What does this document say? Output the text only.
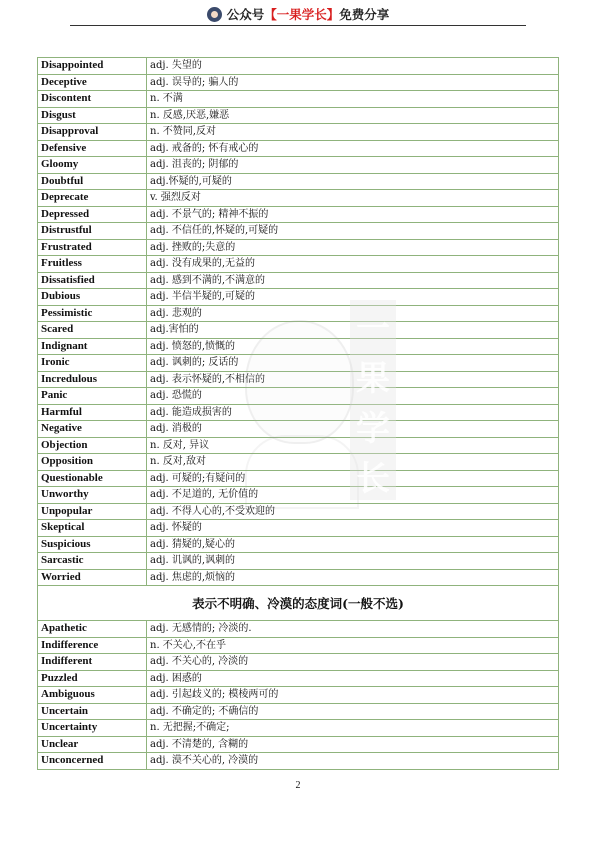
公众号 【 一果学长 】 免费分享
Disappointed	adj. 失望的
Deceptive	adj. 误导的; 骗人的
Discontent	n. 不满
Disgust	n. 反感,厌恶,嫌恶
Disapproval	n. 不赞同,反对
Defensive	adj. 戒备的; 怀有戒心的
Gloomy	adj. 沮丧的; 阴郁的
Doubtful	adj.怀疑的,可疑的
Deprecate	v. 强烈反对
Depressed	adj. 不景气的; 精神不振的
Distrustful	adj. 不信任的,怀疑的,可疑的
Frustrated	adj. 挫败的;失意的
Fruitless	adj. 没有成果的,无益的
Dissatisfied	adj. 感到不满的,不满意的
Dubious	adj. 半信半疑的,可疑的
Pessimistic	adj. 悲观的
Scared	adj.害怕的
Indignant	adj. 愤怒的,愤慨的
Ironic	adj. 讽刺的; 反话的
Incredulous	adj. 表示怀疑的,不相信的
Panic	adj. 恐慌的
Harmful	adj. 能造成损害的
Negative	adj. 消极的
Objection	n. 反对, 异议
Opposition	n. 反对,敌对
Questionable	adj. 可疑的;有疑问的
Unworthy	adj. 不足道的, 无价值的
Unpopular	adj. 不得人心的,不受欢迎的
Skeptical	adj. 怀疑的
Suspicious	adj. 猜疑的,疑心的
Sarcastic	adj. 讥讽的,讽刺的
Worried	adj. 焦虑的,烦恼的
表示不明确、冷漠的态度词(一般不选)	
Apathetic	adj. 无感情的; 冷淡的.
Indifference	n. 不关心,不在乎
Indifferent	adj. 不关心的, 冷淡的
Puzzled	adj. 困惑的
Ambiguous	adj. 引起歧义的; 模棱两可的
Uncertain	adj. 不确定的; 不确信的
Uncertainty	n. 无把握;不确定;
Unclear	adj. 不清楚的, 含糊的
Unconcerned	adj. 漠不关心的, 冷漠的
一
果
学
长
2
